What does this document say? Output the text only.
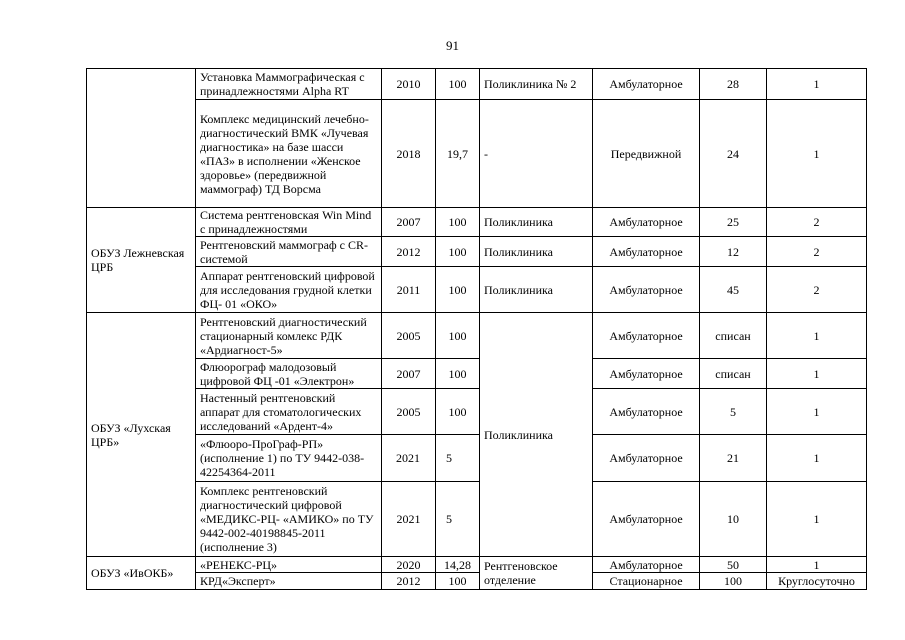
91
	Установка Маммографическая с принадлежностями Alpha RT	2010	100	Поликлиника № 2	Амбулаторное	28	1
	Комплекс медицинский лечебно-диагностический ВМК «Лучевая диагностика» на базе шасси «ПАЗ» в исполнении «Женское здоровье» (передвижной маммограф) ТД Ворсма	2018	19,7	-	Передвижной	24	1
ОБУЗ Лежневская ЦРБ	Система рентгеновская Win Mind с принадлежностями	2007	100	Поликлиника	Амбулаторное	25	2
	Рентгеновский маммограф с CR- системой	2012	100	Поликлиника	Амбулаторное	12	2
	Аппарат рентгеновский цифровой для исследования грудной клетки ФЦ- 01 «ОКО»	2011	100	Поликлиника	Амбулаторное	45	2
ОБУЗ «Лухская ЦРБ»	Рентгеновский диагностический стационарный комлекс РДК «Ардиагност-5»	2005	100	Поликлиника	Амбулаторное	списан	1
	Флюорограф малодозовый цифровой ФЦ -01 «Электрон»	2007	100		Амбулаторное	списан	1
	Настенный рентгеновский аппарат для стоматологических исследований «Ардент-4»	2005	100		Амбулаторное	5	1
	«Флюоро-ПроГраф-РП» (исполнение 1) по ТУ 9442-038-42254364-2011	2021	5		Амбулаторное	21	1
	Комплекс рентгеновский диагностический цифровой «МЕДИКС-РЦ- «АМИКО» по ТУ 9442-002-40198845-2011 (исполнение 3)	2021	5		Амбулаторное	10	1
ОБУЗ «ИвОКБ»	«РЕНЕКС-РЦ»	2020	14,28	Рентгеновское отделение	Амбулаторное	50	1
	КРД«Эксперт»	2012	100		Стационарное	100	Круглосуточно
